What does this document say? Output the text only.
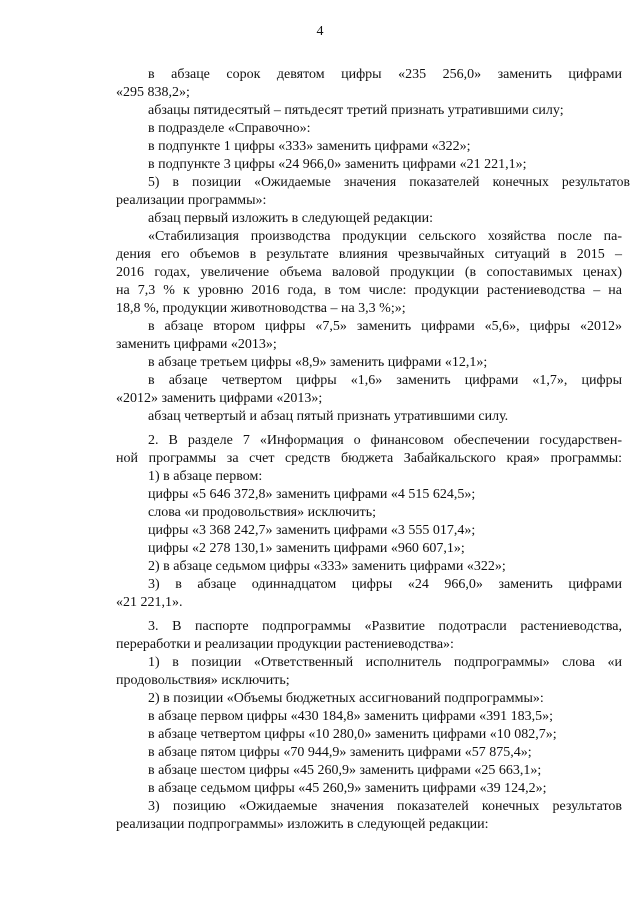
4
в абзаце сорок девятом цифры «235 256,0» заменить цифрами
«295 838,2»;
абзацы пятидесятый – пятьдесят третий признать утратившими силу;
в подразделе «Справочно»:
в подпункте 1 цифры «333» заменить цифрами «322»;
в подпункте 3 цифры «24 966,0» заменить цифрами «21 221,1»;
5) в позиции «Ожидаемые значения показателей конечных результатов
реализации программы»:
абзац первый изложить в следующей редакции:
«Стабилизация производства продукции сельского хозяйства после па-
дения его объемов в результате влияния чрезвычайных ситуаций в 2015 –
2016 годах, увеличение объема валовой продукции (в сопоставимых ценах)
на 7,3 % к уровню 2016 года, в том числе: продукции растениеводства – на
18,8 %, продукции животноводства – на 3,3 %;»;
в абзаце втором цифры «7,5» заменить цифрами «5,6», цифры «2012»
заменить цифрами «2013»;
в абзаце третьем цифры «8,9» заменить цифрами «12,1»;
в абзаце четвертом цифры «1,6» заменить цифрами «1,7», цифры
«2012» заменить цифрами «2013»;
абзац четвертый и абзац пятый признать утратившими силу.
2. В разделе 7 «Информация о финансовом обеспечении государствен-
ной программы за счет средств бюджета Забайкальского края» программы:
1) в абзаце первом:
цифры «5 646 372,8» заменить цифрами «4 515 624,5»;
слова «и продовольствия» исключить;
цифры «3 368 242,7» заменить цифрами «3 555 017,4»;
цифры «2 278 130,1» заменить цифрами «960 607,1»;
2) в абзаце седьмом цифры «333» заменить цифрами «322»;
3) в абзаце одиннадцатом цифры «24 966,0» заменить цифрами
«21 221,1».
3. В паспорте подпрограммы «Развитие подотрасли растениеводства,
переработки и реализации продукции растениеводства»:
1) в позиции «Ответственный исполнитель подпрограммы» слова «и
продовольствия» исключить;
2) в позиции «Объемы бюджетных ассигнований подпрограммы»:
в абзаце первом цифры «430 184,8» заменить цифрами «391 183,5»;
в абзаце четвертом цифры «10 280,0» заменить цифрами «10 082,7»;
в абзаце пятом цифры «70 944,9» заменить цифрами «57 875,4»;
в абзаце шестом цифры «45 260,9» заменить цифрами «25 663,1»;
в абзаце седьмом цифры «45 260,9» заменить цифрами «39 124,2»;
3) позицию «Ожидаемые значения показателей конечных результатов
реализации подпрограммы» изложить в следующей редакции:
